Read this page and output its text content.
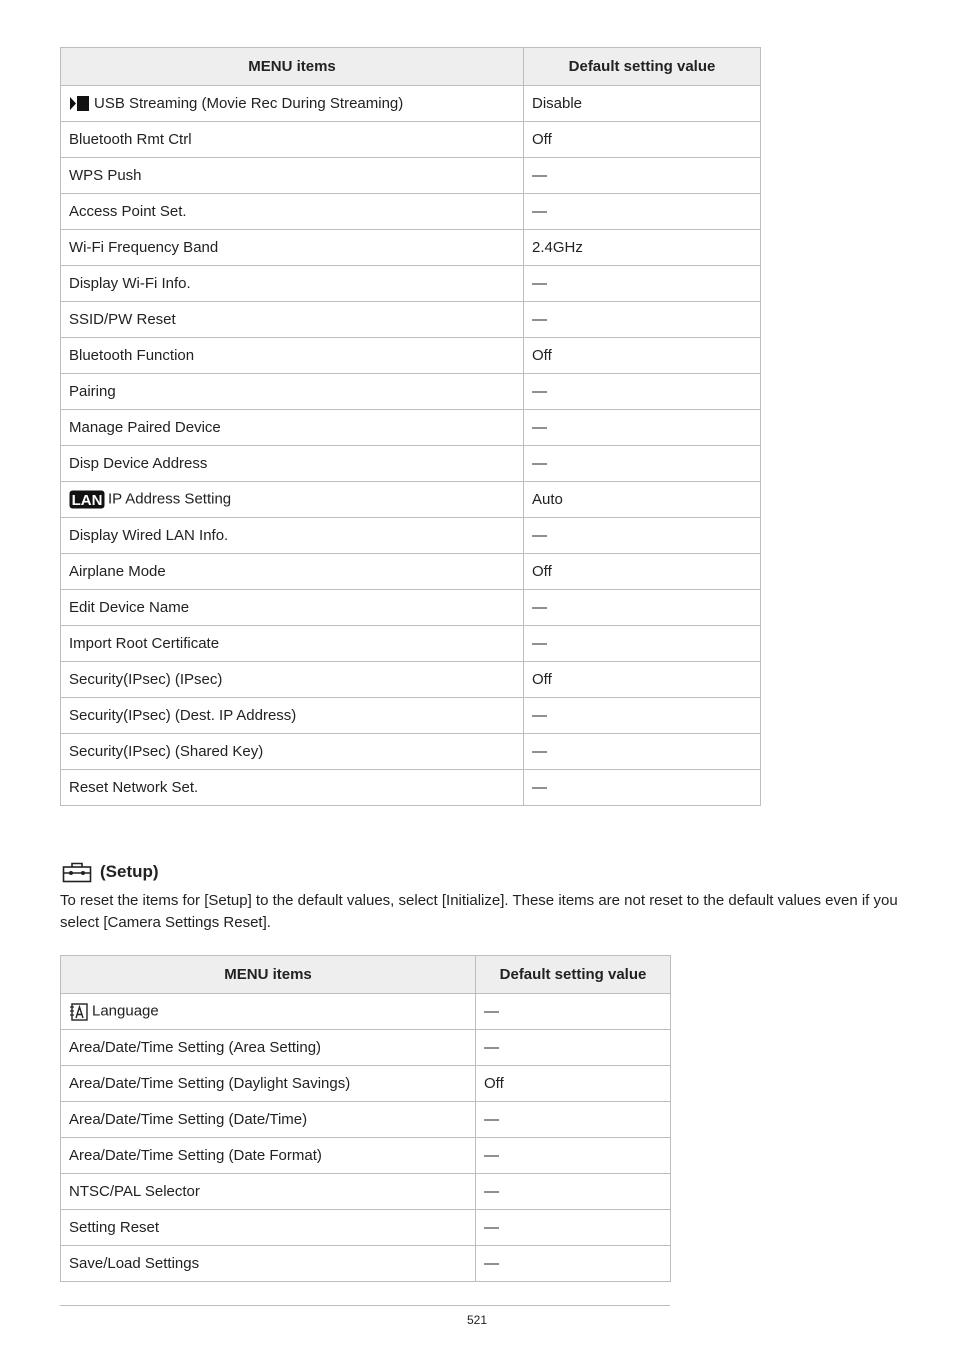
MENU items	Default setting value
USB Streaming (Movie Rec During Streaming)	Disable
Bluetooth Rmt Ctrl	Off
WPS Push	—
Access Point Set.	—
Wi-Fi Frequency Band	2.4GHz
Display Wi-Fi Info.	—
SSID/PW Reset	—
Bluetooth Function	Off
Pairing	—
Manage Paired Device	—
Disp Device Address	—

LAN IP Address Setting	Auto
Display Wired LAN Info.	—
Airplane Mode	Off
Edit Device Name	—
Import Root Certificate	—
Security(IPsec) (IPsec)	Off
Security(IPsec) (Dest. IP Address)	—
Security(IPsec) (Shared Key)	—
Reset Network Set.	—
(Setup)
To reset the items for [Setup] to the default values, select [Initialize]. These items are not reset to the default values even if you select [Camera Settings Reset].
MENU items	Default setting value
Language	—
Area/Date/Time Setting (Area Setting)	—
Area/Date/Time Setting (Daylight Savings)	Off
Area/Date/Time Setting (Date/Time)	—
Area/Date/Time Setting (Date Format)	—
NTSC/PAL Selector	—
Setting Reset	—
Save/Load Settings	—
521
